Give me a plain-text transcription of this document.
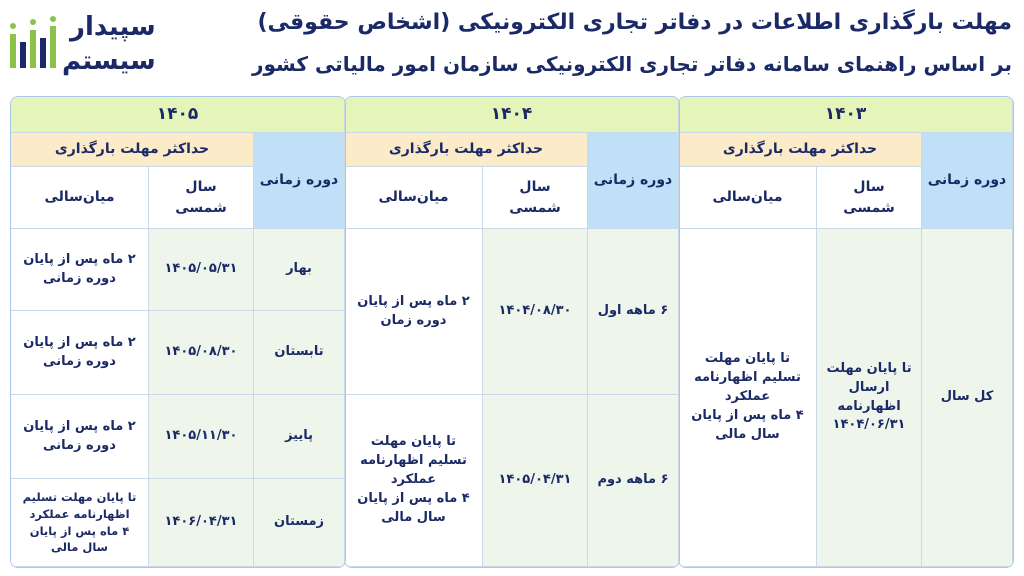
مهلت بارگذاری اطلاعات در دفاتر تجاری الکترونیکی (اشخاص حقوقی)
بر اساس راهنمای سامانه دفاتر تجاری الکترونیکی سازمان امور مالیاتی کشور
سپیدار
سیستم
۱۴۰۳
دوره زمانی
حداکثر مهلت بارگذاری
سال
شمسی
میان‌سالی
کل سال
تا پایان مهلت
ارسال
اظهارنامه
۱۴۰۴/۰۶/۳۱
تا پایان مهلت
تسلیم اظهارنامه
عملکرد
۴ ماه پس از پایان
سال مالی
۱۴۰۴
دوره زمانی
حداکثر مهلت بارگذاری
سال
شمسی
میان‌سالی
۶ ماهه اول
۱۴۰۴/۰۸/۳۰
۲ ماه پس از پایان
دوره زمان
۶ ماهه دوم
۱۴۰۵/۰۴/۳۱
تا پایان مهلت
تسلیم اظهارنامه
عملکرد
۴ ماه پس از پایان
سال مالی
۱۴۰۵
دوره زمانی
حداکثر مهلت بارگذاری
سال
شمسی
میان‌سالی
بهار
۱۴۰۵/۰۵/۳۱
۲ ماه پس از پایان
دوره زمانی
تابستان
۱۴۰۵/۰۸/۳۰
۲ ماه پس از پایان
دوره زمانی
پاییز
۱۴۰۵/۱۱/۳۰
۲ ماه پس از پایان
دوره زمانی
زمستان
۱۴۰۶/۰۴/۳۱
تا پایان مهلت تسلیم
اظهارنامه عملکرد
۴ ماه پس از پایان
سال مالی
